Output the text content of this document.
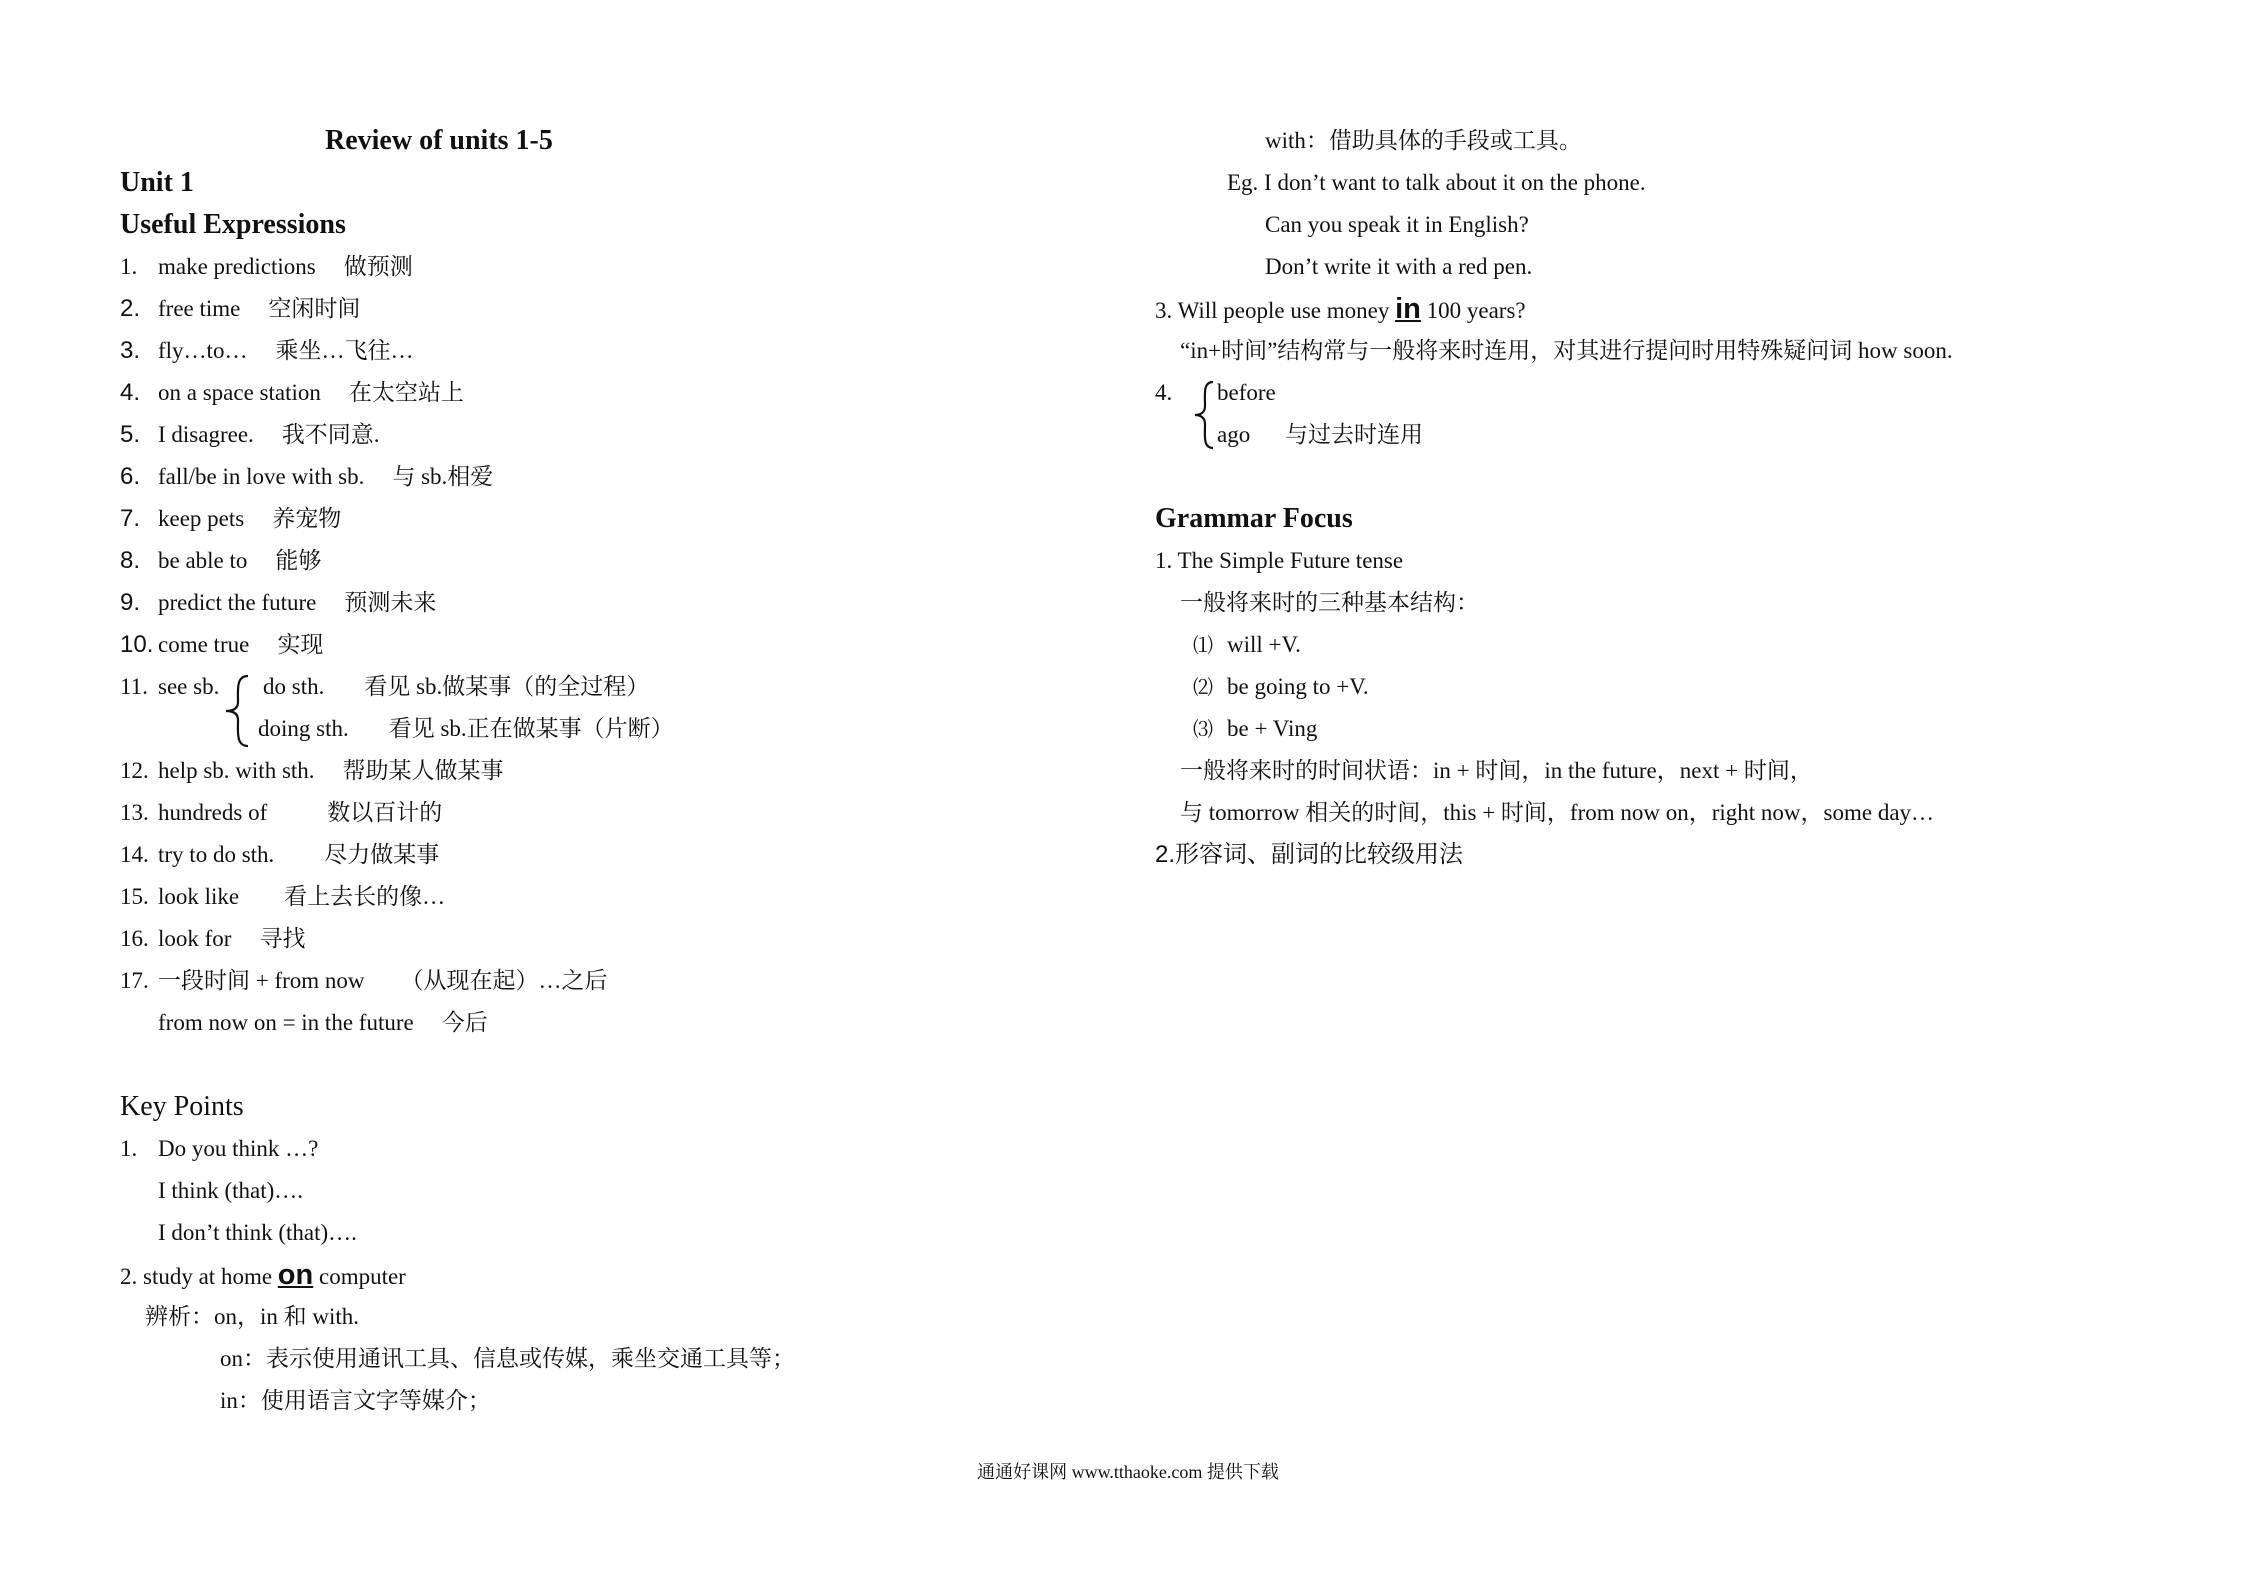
Review of units 1-5
Unit 1
Useful Expressions
1. make predictions 做预测
2. free time 空闲时间
3. fly…to… 乘坐…飞往…
4. on a space station 在太空站上
5. I disagree. 我不同意.
6. fall/be in love with sb. 与 sb.相爱
7. keep pets 养宠物
8. be able to 能够
9. predict the future 预测未来
10. come true 实现
11. see sb. do sth. 看见 sb.做某事（的全过程）
doing sth. 看见 sb.正在做某事（片断）
12. help sb. with sth. 帮助某人做某事
13. hundreds of	数以百计的
14. try to do sth. 尽力做某事
15. look like 看上去长的像…
16. look for 寻找
17. 一段时间 + from now （从现在起）…之后
from now on = in the future 今后
Key Points
1. Do you think …?
I think (that)….
I don’t think (that)….
2. study at home on computer
辨析：on，in 和 with.
on：表示使用通讯工具、信息或传媒，乘坐交通工具等；
in：使用语言文字等媒介；
with：借助具体的手段或工具。
Eg. I don’t want to talk about it on the phone.
Can you speak it in English?
Don’t write it with a red pen.
3. Will people use money in 100 years?
“in+时间”结构常与一般将来时连用，对其进行提问时用特殊疑问词 how soon.
4. before
ago 与过去时连用
Grammar Focus
1. The Simple Future tense
一般将来时的三种基本结构：
⑴ will +V.
⑵ be going to +V.
⑶ be + Ving
一般将来时的时间状语：in + 时间，in the future，next + 时间，
与 tomorrow 相关的时间，this + 时间，from now on，right now，some day…
2.形容词、副词的比较级用法
通通好课网 www.tthaoke.com 提供下载
